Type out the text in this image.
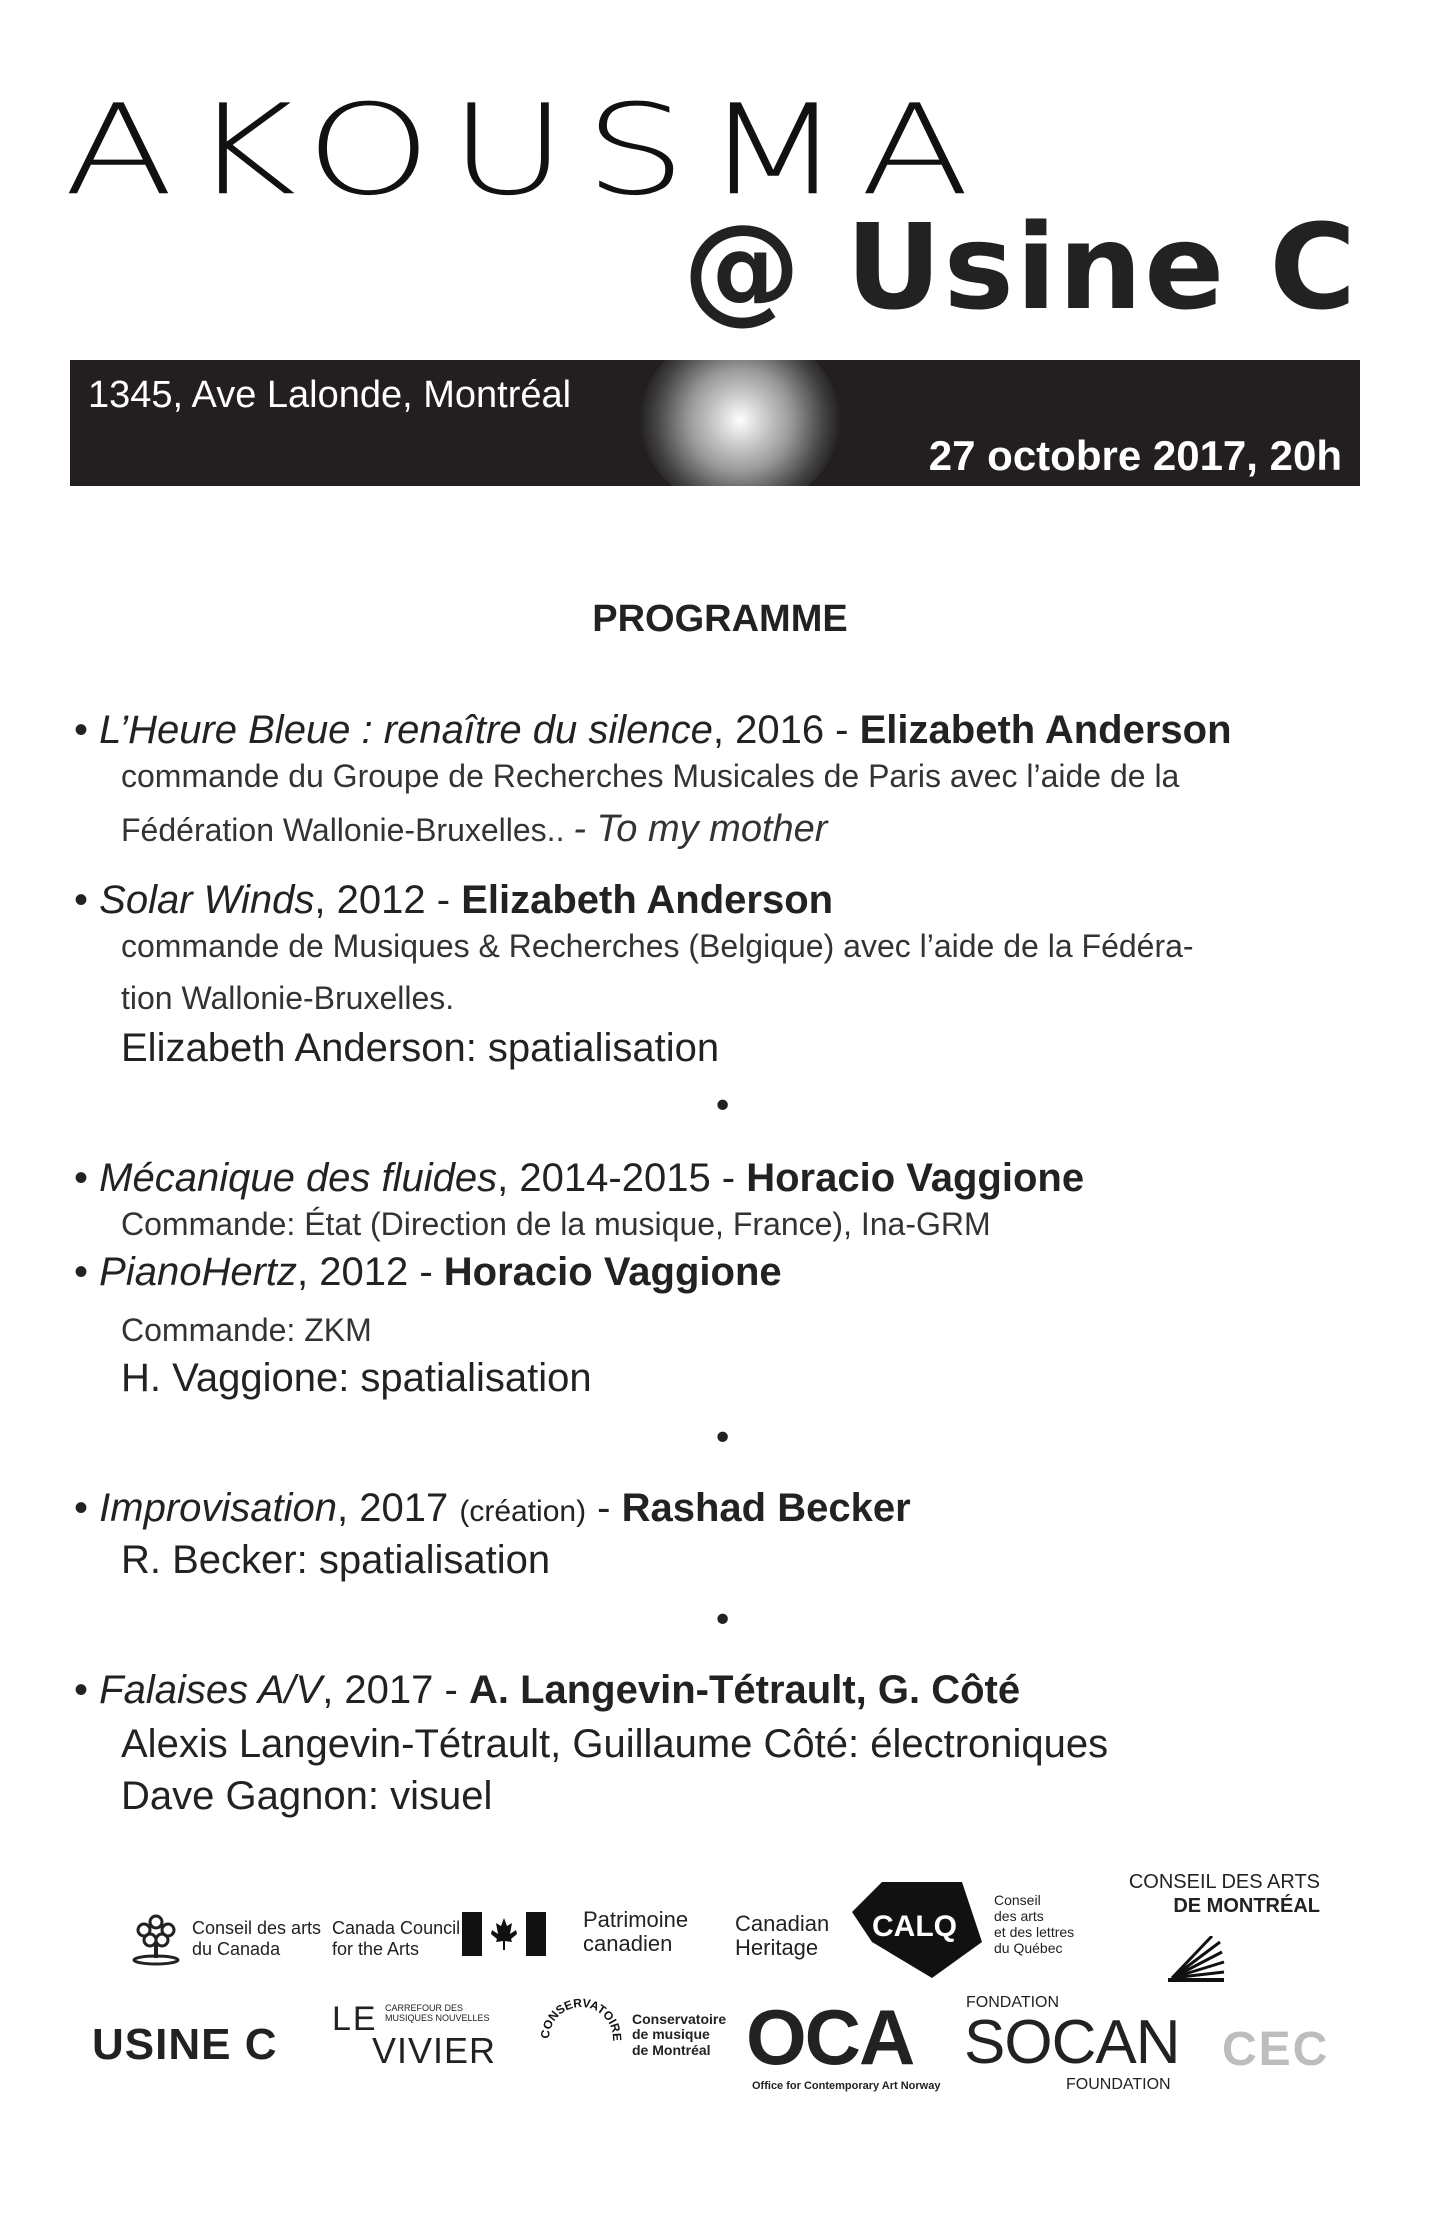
AKOUSMA
@ Usine C
1345, Ave Lalonde, Montréal
27 octobre 2017, 20h
PROGRAMME
• L’Heure Bleue : renaître du silence, 2016 - Elizabeth Anderson
commande du Groupe de Recherches Musicales de Paris avec l’aide de la
Fédération Wallonie-Bruxelles.. - To my mother
• Solar Winds, 2012 - Elizabeth Anderson
commande de Musiques & Recherches (Belgique) avec l’aide de la Fédéra-
tion Wallonie-Bruxelles.
Elizabeth Anderson: spatialisation
•
• Mécanique des fluides, 2014-2015 - Horacio Vaggione
Commande: État (Direction de la musique, France), Ina-GRM
• PianoHertz, 2012 - Horacio Vaggione
Commande: ZKM
H. Vaggione: spatialisation
•
• Improvisation, 2017 (création) - Rashad Becker
R. Becker: spatialisation
•
• Falaises A/V, 2017 - A. Langevin-Tétrault, G. Côté
Alexis Langevin-Tétrault, Guillaume Côté: électroniques
Dave Gagnon: visuel
Conseil des arts
du Canada
Canada Council
for the Arts
Patrimoine
canadien
Canadian
Heritage
CALQ
Conseil
des arts
et des lettres
du Québec
CONSEIL DES ARTS
DE MONTRÉAL
USINE C
LE CARREFOUR DES
MUSIQUES NOUVELLES
VIVIER	CONSERVATOIRE
Conservatoire
de musique
de Montréal OCA
Office for Contemporary Art Norway
FONDATION
SOCAN
FOUNDATION
CEC
